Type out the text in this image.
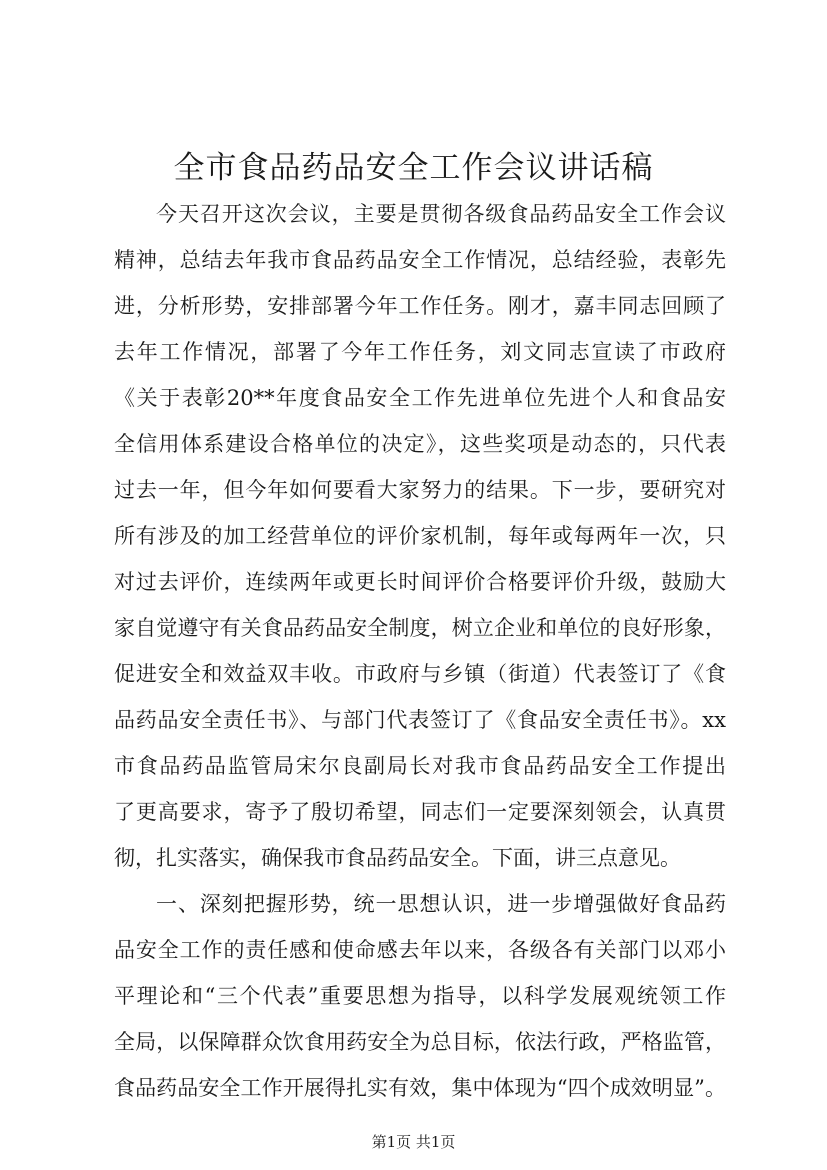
全市食品药品安全工作会议讲话稿
今天召开这次会议，主要是贯彻各级食品药品安全工作会议
精神，总结去年我市食品药品安全工作情况，总结经验，表彰先
进，分析形势，安排部署今年工作任务。刚才，嘉丰同志回顾了
去年工作情况，部署了今年工作任务，刘文同志宣读了市政府
《关于表彰20**年度食品安全工作先进单位先进个人和食品安
全信用体系建设合格单位的决定》，这些奖项是动态的，只代表
过去一年，但今年如何要看大家努力的结果。下一步，要研究对
所有涉及的加工经营单位的评价家机制，每年或每两年一次，只
对过去评价，连续两年或更长时间评价合格要评价升级，鼓励大
家自觉遵守有关食品药品安全制度，树立企业和单位的良好形象，
促进安全和效益双丰收。市政府与乡镇（街道）代表签订了《食
品药品安全责任书》、与部门代表签订了《食品安全责任书》。xx
市食品药品监管局宋尔良副局长对我市食品药品安全工作提出
了更高要求，寄予了殷切希望，同志们一定要深刻领会，认真贯
彻，扎实落实，确保我市食品药品安全。下面，讲三点意见。
一、深刻把握形势，统一思想认识，进一步增强做好食品药
品安全工作的责任感和使命感去年以来，各级各有关部门以邓小
平理论和“三个代表”重要思想为指导，以科学发展观统领工作
全局，以保障群众饮食用药安全为总目标，依法行政，严格监管，
食品药品安全工作开展得扎实有效，集中体现为“四个成效明显”。
第1页 共1页
